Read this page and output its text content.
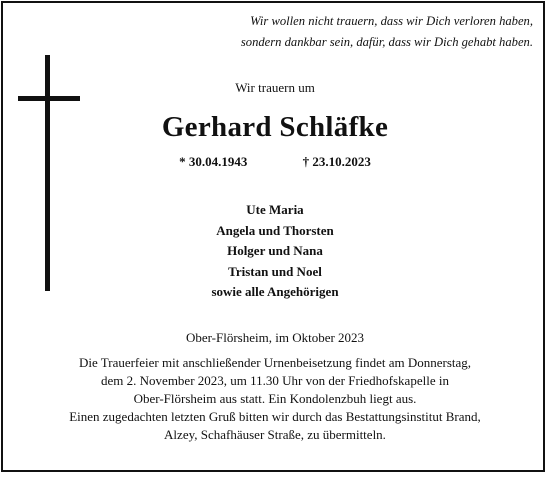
Wir wollen nicht trauern, dass wir Dich verloren haben,
sondern dankbar sein, dafür, dass wir Dich gehabt haben.
Wir trauern um
Gerhard Schläfke
* 30.04.1943	† 23.10.2023
Ute Maria
Angela und Thorsten
Holger und Nana
Tristan und Noel
sowie alle Angehörigen
Ober-Flörsheim, im Oktober 2023
Die Trauerfeier mit anschließender Urnenbeisetzung findet am Donnerstag,
dem 2. November 2023, um 11.30 Uhr von der Friedhofskapelle in
Ober-Flörsheim aus statt. Ein Kondolenzbuh liegt aus.
Einen zugedachten letzten Gruß bitten wir durch das Bestattungsinstitut Brand,
Alzey, Schafhäuser Straße, zu übermitteln.
